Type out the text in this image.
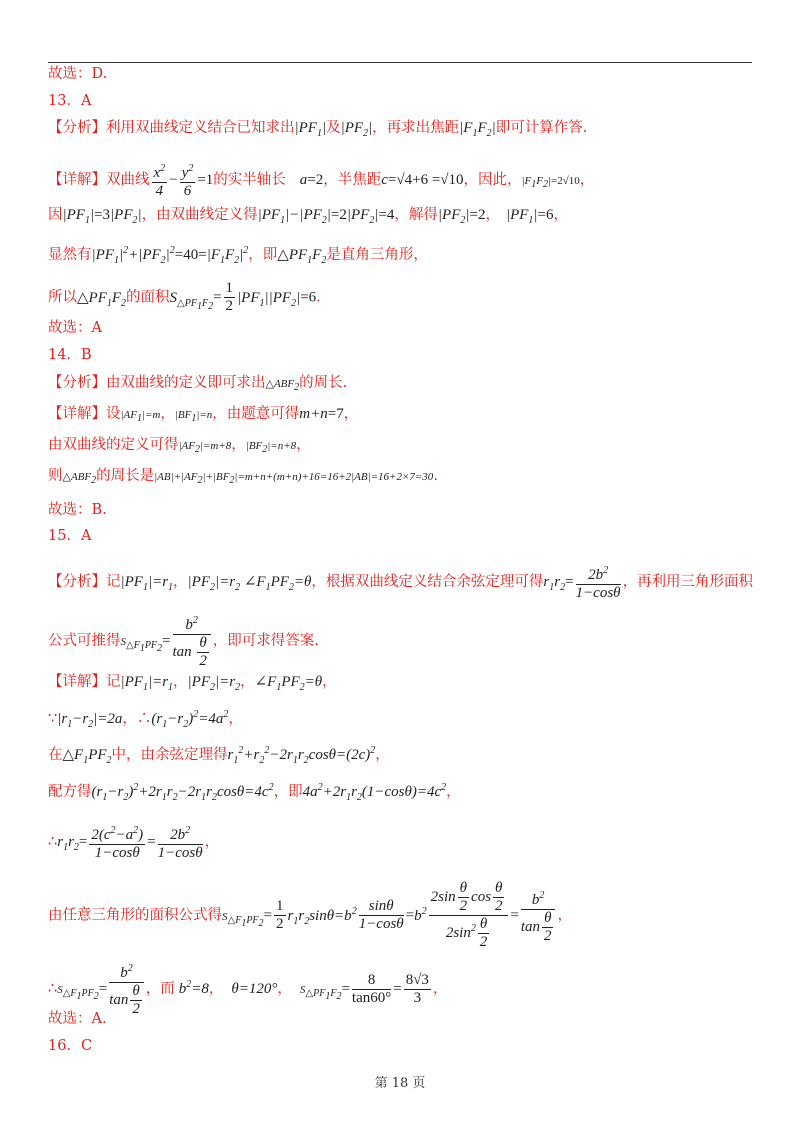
故选：D.
13．A
【分析】利用双曲线定义结合已知求出$|PF_1|$及$|PF_2|$，再求出焦距$|F_1F_2|$即可计算作答.
【详解】双曲线 $\frac{x^2}{4} - \frac{y^2}{6} =1$的实半轴长 a=2，半焦距c=√4+6 =√10，因此，$|F_1F_2|=2√10$，
因$|PF_1|=3|PF_2|$，由双曲线定义得$|PF_1|-|PF_2|=2|PF_2|=4$，解得$|PF_2|=2$， $|PF_1|=6$，
显然有$|PF_1|^2+|PF_2|^2=40=|F_1F_2|^2$，即$\triangle PF_1F_2$是直角三角形，
所以$\triangle PF_1F_2$的面积$S_{\triangle PF_1F_2}= \frac{1}{2} |PF_1||PF_2|=6$.
故选：A
14．B
【分析】由双曲线的定义即可求出$\triangle ABF_2$的周长.
【详解】设$|AF_1|=m$，$|BF_1|=n$，由题意可得m+n=7，
由双曲线的定义可得$|AF_2|=m+8$，$|BF_2|=n+8$，
则$\triangle ABF_2$的周长是$|AB|+|AF_2|+|BF_2|=m+n+(m+n)+16=16+2|AB|=16+2\times 7=30$.
故选：B.
15．A
【分析】记$|PF_1|=r_1$，$|PF_2|=r_2$ $\angle F_1PF_2=\theta$，根据双曲线定义结合余弦定理可得$r_1r_2= \frac{2b^2}{1-\cos\theta}$ ，再利用三角形面积
公式可推得$S_{\triangle F_1PF_2}= \frac{b^2}{\tan \frac{\theta}{2}}$ ，即可求得答案.
【详解】记$|PF_1|=r_1$，$|PF_2|=r_2$，$\angle F_1PF_2=\theta$，
$\because|r_1-r_2|=2a$，$\therefore(r_1-r_2)^2=4a^2$，
在$\triangle F_1PF_2$中，由余弦定理得$r_1^2+r_2^2-2r_1r_2\cos\theta=(2c)^2$，
配方得$(r_1-r_2)^2+2r_1r_2-2r_1r_2\cos\theta=4c^2$，即$4a^2+2r_1r_2(1-\cos\theta)=4c^2$，
$\therefore r_1r_2= \frac{2(c^2-a^2)}{1-\cos\theta} = \frac{2b^2}{1-\cos\theta}$ ，
由任意三角形的面积公式得$S_{\triangle F_1PF_2}= \frac{1}{2} r_1r_2\sin\theta=b^2 \frac{\sin\theta}{1-\cos\theta} =b^2 \frac{2\sin \frac{\theta}{2} \cos \frac{\theta}{2}}{2\sin^2 \frac{\theta}{2}} = \frac{b^2}{\tan \frac{\theta}{2}}$ ，
$\therefore S_{\triangle F_1PF_2}= \frac{b^2}{\tan \frac{\theta}{2}}$ ，而 $b^2=8$， θ=120°， $S_{\triangle PF_1F_2}= \frac{8}{\tan 60^\circ} = \frac{8√3}{3}$ ，
故选：A.
16．C
第 18 页
